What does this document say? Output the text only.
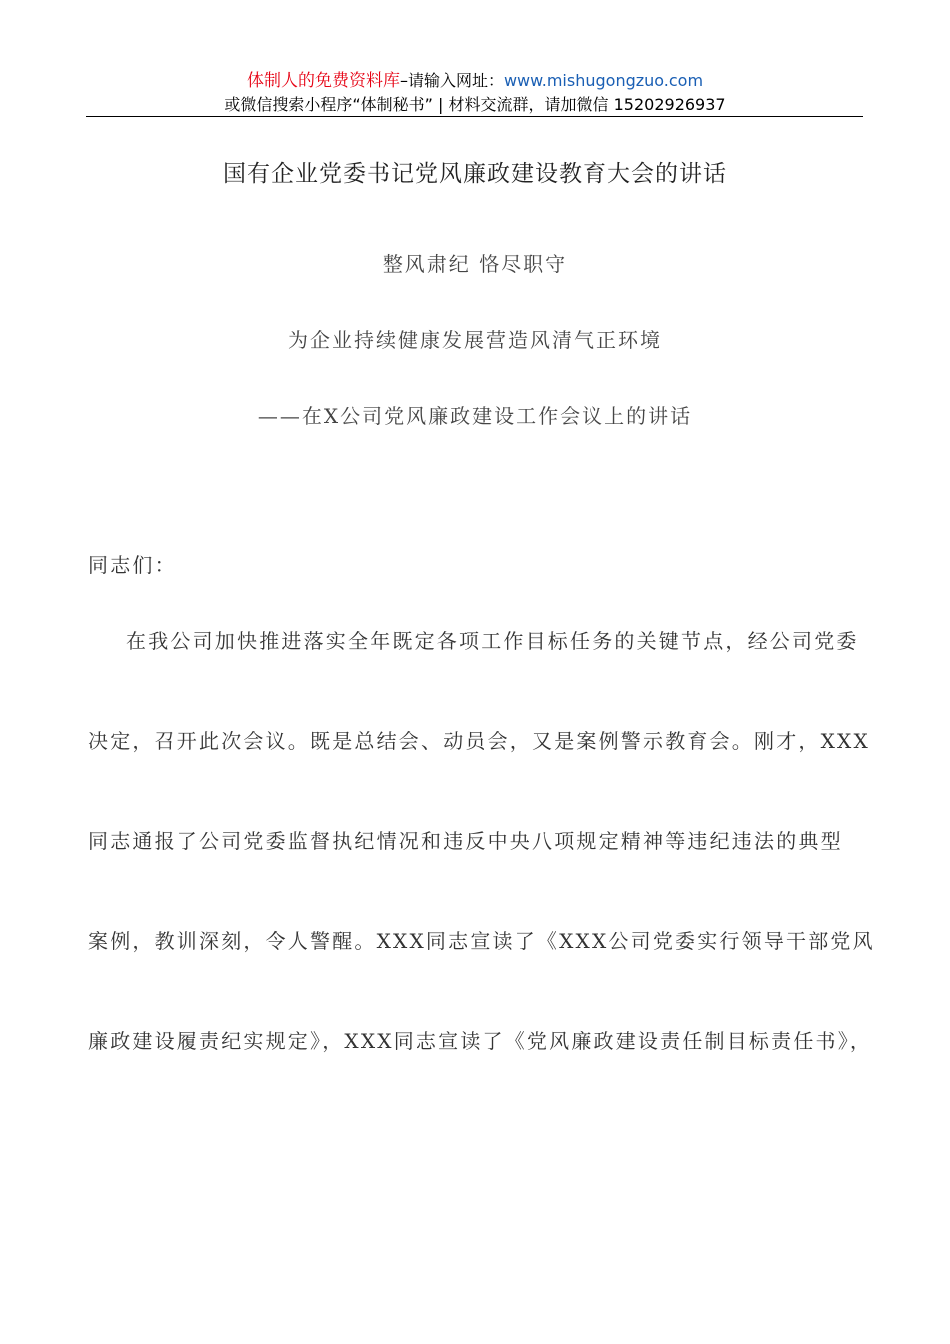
体制人的免费资料库–请输入网址：www.mishugongzuo.com
或微信搜索小程序“体制秘书” | 材料交流群，请加微信 15202926937
国有企业党委书记党风廉政建设教育大会的讲话
整风肃纪 恪尽职守
为企业持续健康发展营造风清气正环境
——在X公司党风廉政建设工作会议上的讲话
同志们：
在我公司加快推进落实全年既定各项工作目标任务的关键节点，经公司党委
决定，召开此次会议。既是总结会、动员会，又是案例警示教育会。刚才，XXX
同志通报了公司党委监督执纪情况和违反中央八项规定精神等违纪违法的典型
案例，教训深刻，令人警醒。XXX同志宣读了《XXX公司党委实行领导干部党风
廉政建设履责纪实规定》，XXX同志宣读了《党风廉政建设责任制目标责任书》，
